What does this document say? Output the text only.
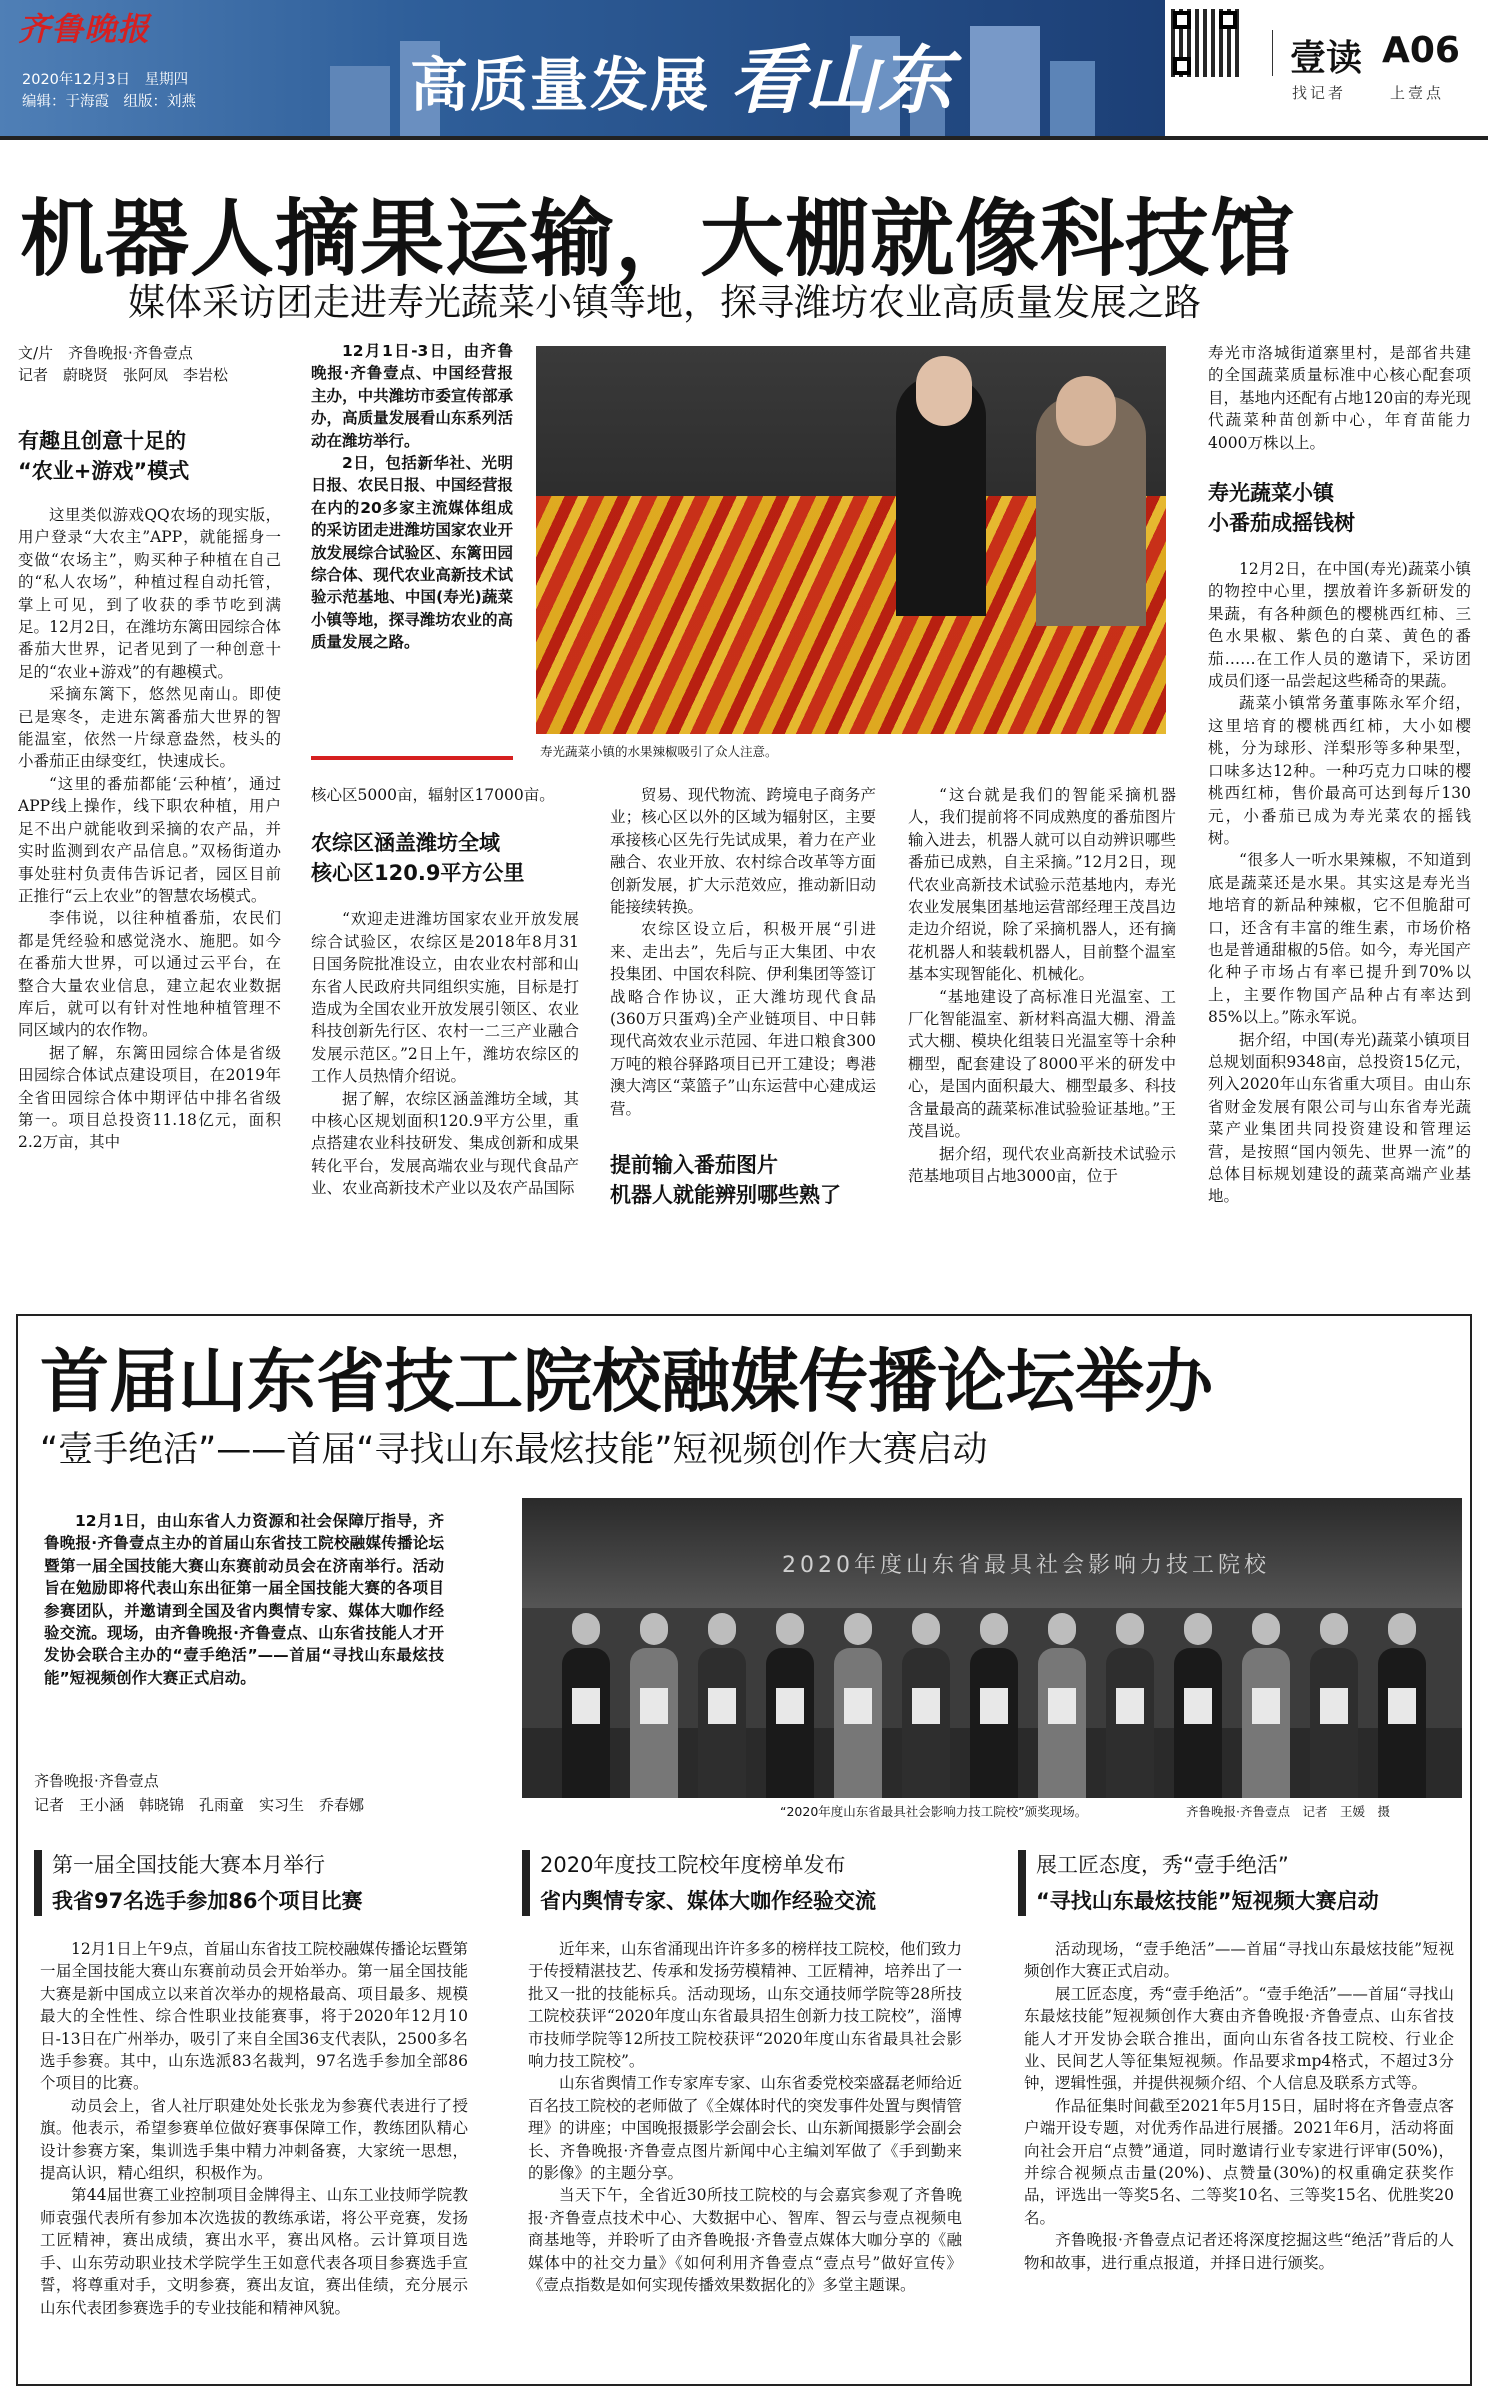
齐鲁晚报
2020年12月3日　星期四
编辑：于海霞　组版：刘燕	高质量发展 看山东	壹读 A06
找记者	上壹点
机器人摘果运输，大棚就像科技馆
媒体采访团走进寿光蔬菜小镇等地，探寻潍坊农业高质量发展之路
文/片　齐鲁晚报·齐鲁壹点
记者　蔚晓贤　张阿凤　李岩松
有趣且创意十足的
“农业+游戏”模式

这里类似游戏QQ农场的现实版，用户登录“大农主”APP，就能摇身一变做“农场主”，购买种子种植在自己的“私人农场”，种植过程自动托管，掌上可见，到了收获的季节吃到满足。12月2日，在潍坊东篱田园综合体番茄大世界，记者见到了一种创意十足的“农业+游戏”的有趣模式。

采摘东篱下，悠然见南山。即使已是寒冬，走进东篱番茄大世界的智能温室，依然一片绿意盎然，枝头的小番茄正由绿变红，快速成长。

“这里的番茄都能‘云种植’，通过APP线上操作，线下职农种植，用户足不出户就能收到采摘的农产品，并实时监测到农产品信息。”双杨街道办事处驻村负责伟告诉记者，园区目前正推行“云上农业”的智慧农场模式。

李伟说，以往种植番茄，农民们都是凭经验和感觉浇水、施肥。如今在番茄大世界，可以通过云平台，在整合大量农业信息，建立起农业数据库后，就可以有针对性地种植管理不同区域内的农作物。

据了解，东篱田园综合体是省级田园综合体试点建设项目，在2019年全省田园综合体中期评估中排名省级第一。项目总投资11.18亿元，面积2.2万亩，其中

12月1日-3日，由齐鲁晚报·齐鲁壹点、中国经营报主办，中共潍坊市委宣传部承办，高质量发展看山东系列活动在潍坊举行。

2日，包括新华社、光明日报、农民日报、中国经营报在内的20多家主流媒体组成的采访团走进潍坊国家农业开放发展综合试验区、东篱田园综合体、现代农业高新技术试验示范基地、中国(寿光)蔬菜小镇等地，探寻潍坊农业的高质量发展之路。

寿光蔬菜小镇的水果辣椒吸引了众人注意。

寿光市洛城街道寨里村，是部省共建的全国蔬菜质量标准中心核心配套项目，基地内还配有占地120亩的寿光现代蔬菜种苗创新中心，年育苗能力4000万株以上。

寿光蔬菜小镇
小番茄成摇钱树

12月2日，在中国(寿光)蔬菜小镇的物控中心里，摆放着许多新研发的果蔬，有各种颜色的樱桃西红柿、三色水果椒、紫色的白菜、黄色的番茄……在工作人员的邀请下，采访团成员们逐一品尝起这些稀奇的果蔬。

蔬菜小镇常务董事陈永军介绍，这里培育的樱桃西红柿，大小如樱桃，分为球形、洋梨形等多种果型，口味多达12种。一种巧克力口味的樱桃西红柿，售价最高可达到每斤130元，小番茄已成为寿光菜农的摇钱树。

“很多人一听水果辣椒，不知道到底是蔬菜还是水果。其实这是寿光当地培育的新品种辣椒，它不但脆甜可口，还含有丰富的维生素，市场价格也是普通甜椒的5倍。如今，寿光国产化种子市场占有率已提升到70%以上，主要作物国产品种占有率达到85%以上。”陈永军说。

据介绍，中国(寿光)蔬菜小镇项目总规划面积9348亩，总投资15亿元，列入2020年山东省重大项目。由山东省财金发展有限公司与山东省寿光蔬菜产业集团共同投资建设和管理运营，是按照“国内领先、世界一流”的总体目标规划建设的蔬菜高端产业基地。

核心区5000亩，辐射区17000亩。

农综区涵盖潍坊全域
核心区120.9平方公里

“欢迎走进潍坊国家农业开放发展综合试验区，农综区是2018年8月31日国务院批准设立，由农业农村部和山东省人民政府共同组织实施，目标是打造成为全国农业开放发展引领区、农业科技创新先行区、农村一二三产业融合发展示范区。”2日上午，潍坊农综区的工作人员热情介绍说。

据了解，农综区涵盖潍坊全域，其中核心区规划面积120.9平方公里，重点搭建农业科技研发、集成创新和成果转化平台，发展高端农业与现代食品产业、农业高新技术产业以及农产品国际

贸易、现代物流、跨境电子商务产业；核心区以外的区域为辐射区，主要承接核心区先行先试成果，着力在产业融合、农业开放、农村综合改革等方面创新发展，扩大示范效应，推动新旧动能接续转换。

农综区设立后，积极开展“引进来、走出去”，先后与正大集团、中农投集团、中国农科院、伊利集团等签订战略合作协议，正大潍坊现代食品(360万只蛋鸡)全产业链项目、中日韩现代高效农业示范园、年进口粮食300万吨的粮谷驿路项目已开工建设；粤港澳大湾区“菜篮子”山东运营中心建成运营。

提前输入番茄图片
机器人就能辨别哪些熟了

“这台就是我们的智能采摘机器人，我们提前将不同成熟度的番茄图片输入进去，机器人就可以自动辨识哪些番茄已成熟，自主采摘。”12月2日，现代农业高新技术试验示范基地内，寿光农业发展集团基地运营部经理王茂昌边走边介绍说，除了采摘机器人，还有摘花机器人和装载机器人，目前整个温室基本实现智能化、机械化。

“基地建设了高标准日光温室、工厂化智能温室、新材料高温大棚、滑盖式大棚、模块化组装日光温室等十余种棚型，配套建设了8000平米的研发中心，是国内面积最大、棚型最多、科技含量最高的蔬菜标准试验验证基地。”王茂昌说。

据介绍，现代农业高新技术试验示范基地项目占地3000亩，位于

首届山东省技工院校融媒传播论坛举办
“壹手绝活”——首届“寻找山东最炫技能”短视频创作大赛启动

12月1日，由山东省人力资源和社会保障厅指导，齐鲁晚报·齐鲁壹点主办的首届山东省技工院校融媒传播论坛暨第一届全国技能大赛山东赛前动员会在济南举行。活动旨在勉励即将代表山东出征第一届全国技能大赛的各项目参赛团队，并邀请到全国及省内舆情专家、媒体大咖作经验交流。现场，由齐鲁晚报·齐鲁壹点、山东省技能人才开发协会联合主办的“壹手绝活”——首届“寻找山东最炫技能”短视频创作大赛正式启动。

齐鲁晚报·齐鲁壹点
记者　王小涵　韩晓锦　孔雨童　实习生　乔春娜
2020年度山东省最具社会影响力技工院校
“2020年度山东省最具社会影响力技工院校”颁奖现场。	齐鲁晚报·齐鲁壹点　记者　王媛　摄
第一届全国技能大赛本月举行
我省97名选手参加86个项目比赛

12月1日上午9点，首届山东省技工院校融媒传播论坛暨第一届全国技能大赛山东赛前动员会开始举办。第一届全国技能大赛是新中国成立以来首次举办的规格最高、项目最多、规模最大的全性性、综合性职业技能赛事，将于2020年12月10日-13日在广州举办，吸引了来自全国36支代表队，2500多名选手参赛。其中，山东选派83名裁判，97名选手参加全部86个项目的比赛。

动员会上，省人社厅职建处处长张龙为参赛代表进行了授旗。他表示，希望参赛单位做好赛事保障工作，教练团队精心设计参赛方案，集训选手集中精力冲刺备赛，大家统一思想，提高认识，精心组织，积极作为。

第44届世赛工业控制项目金牌得主、山东工业技师学院教师袁强代表所有参加本次选拔的教练承诺，将公平竞赛，发扬工匠精神，赛出成绩，赛出水平，赛出风格。云计算项目选手、山东劳动职业技术学院学生王如意代表各项目参赛选手宣誓，将尊重对手，文明参赛，赛出友谊，赛出佳绩，充分展示山东代表团参赛选手的专业技能和精神风貌。

2020年度技工院校年度榜单发布
省内舆情专家、媒体大咖作经验交流

近年来，山东省涌现出许许多多的榜样技工院校，他们致力于传授精湛技艺、传承和发扬劳模精神、工匠精神，培养出了一批又一批的技能标兵。活动现场，山东交通技师学院等28所技工院校获评“2020年度山东省最具招生创新力技工院校”，淄博市技师学院等12所技工院校获评“2020年度山东省最具社会影响力技工院校”。

山东省舆情工作专家库专家、山东省委党校栾盛磊老师给近百名技工院校的老师做了《全媒体时代的突发事件处置与舆情管理》的讲座；中国晚报摄影学会副会长、山东新闻摄影学会副会长、齐鲁晚报·齐鲁壹点图片新闻中心主编刘军做了《手到勤来的影像》的主题分享。

当天下午，全省近30所技工院校的与会嘉宾参观了齐鲁晚报·齐鲁壹点技术中心、大数据中心、智库、智云与壹点视频电商基地等，并聆听了由齐鲁晚报·齐鲁壹点媒体大咖分享的《融媒体中的社交力量》《如何利用齐鲁壹点“壹点号”做好宣传》《壹点指数是如何实现传播效果数据化的》多堂主题课。

展工匠态度，秀“壹手绝活”
“寻找山东最炫技能”短视频大赛启动

活动现场，“壹手绝活”——首届“寻找山东最炫技能”短视频创作大赛正式启动。

展工匠态度，秀“壹手绝活”。“壹手绝活”——首届“寻找山东最炫技能”短视频创作大赛由齐鲁晚报·齐鲁壹点、山东省技能人才开发协会联合推出，面向山东省各技工院校、行业企业、民间艺人等征集短视频。作品要求mp4格式，不超过3分钟，逻辑性强，并提供视频介绍、个人信息及联系方式等。

作品征集时间截至2021年5月15日，届时将在齐鲁壹点客户端开设专题，对优秀作品进行展播。2021年6月，活动将面向社会开启“点赞”通道，同时邀请行业专家进行评审(50%)，并综合视频点击量(20%)、点赞量(30%)的权重确定获奖作品，评选出一等奖5名、二等奖10名、三等奖15名、优胜奖20名。

齐鲁晚报·齐鲁壹点记者还将深度挖掘这些“绝活”背后的人物和故事，进行重点报道，并择日进行颁奖。
